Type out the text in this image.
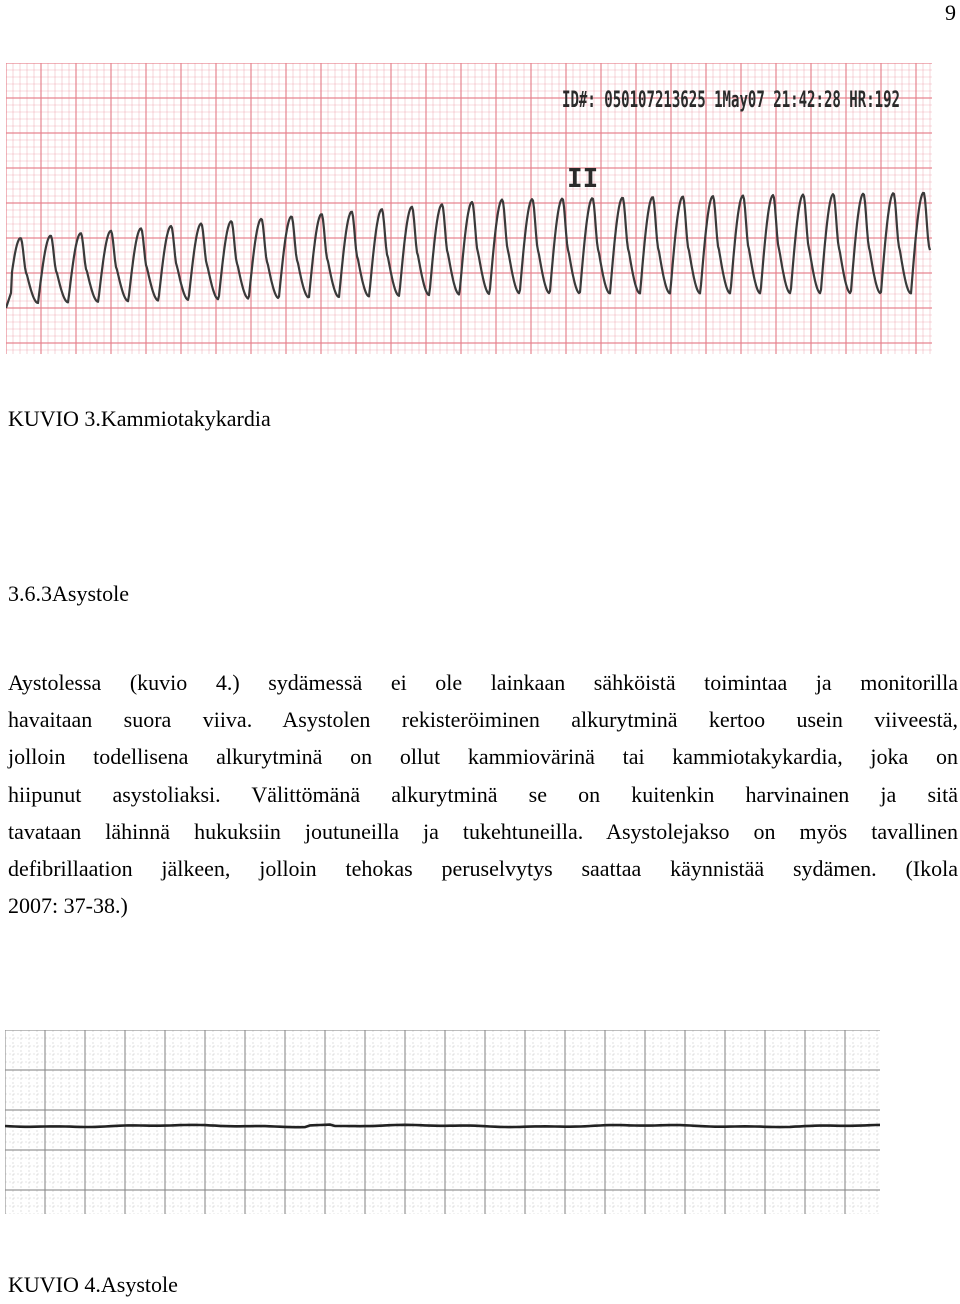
9
ID#: 050107213625 1May07 21:42:28 HR:192
II
KUVIO 3.Kammiotakykardia
3.6.3Asystole
Aystolessa (kuvio 4.) sydämessä ei ole lainkaan sähköistä toimintaa ja monitorilla
havaitaan suora viiva. Asystolen rekisteröiminen alkurytminä kertoo usein viiveestä,
jolloin todellisena alkurytminä on ollut kammiovärinä tai kammiotakykardia, joka on
hiipunut asystoliaksi. Välittömänä alkurytminä se on kuitenkin harvinainen ja sitä
tavataan lähinnä hukuksiin joutuneilla ja tukehtuneilla. Asystolejakso on myös tavallinen
defibrillaation jälkeen, jolloin tehokas peruselvytys saattaa käynnistää sydämen. (Ikola
2007: 37-38.)
KUVIO 4.Asystole
